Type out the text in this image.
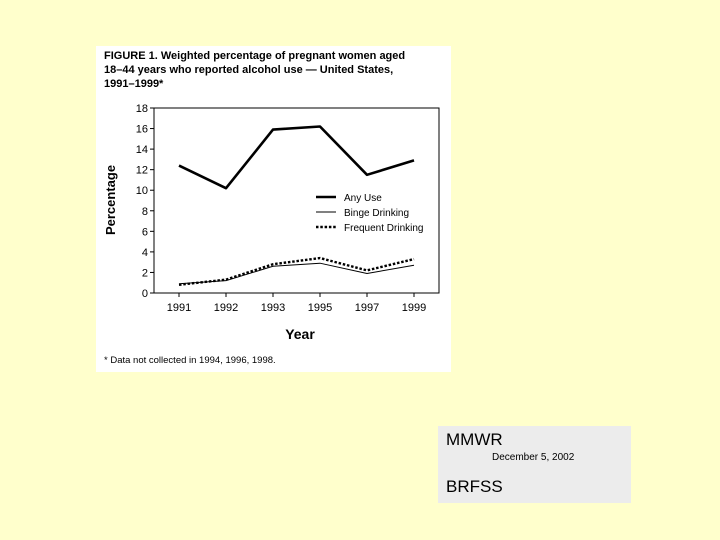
FIGURE 1. Weighted percentage of pregnant women aged
18–44 years who reported alcohol use — United States,
1991–1999*
0
2
4
6
8
10
12
14
16
18
1991 1992 1993 1995 1997 1999
Any Use
Binge Drinking
Frequent Drinking
Year
Percentage
* Data not collected in 1994, 1996, 1998.
MMWR
December 5, 2002
BRFSS
